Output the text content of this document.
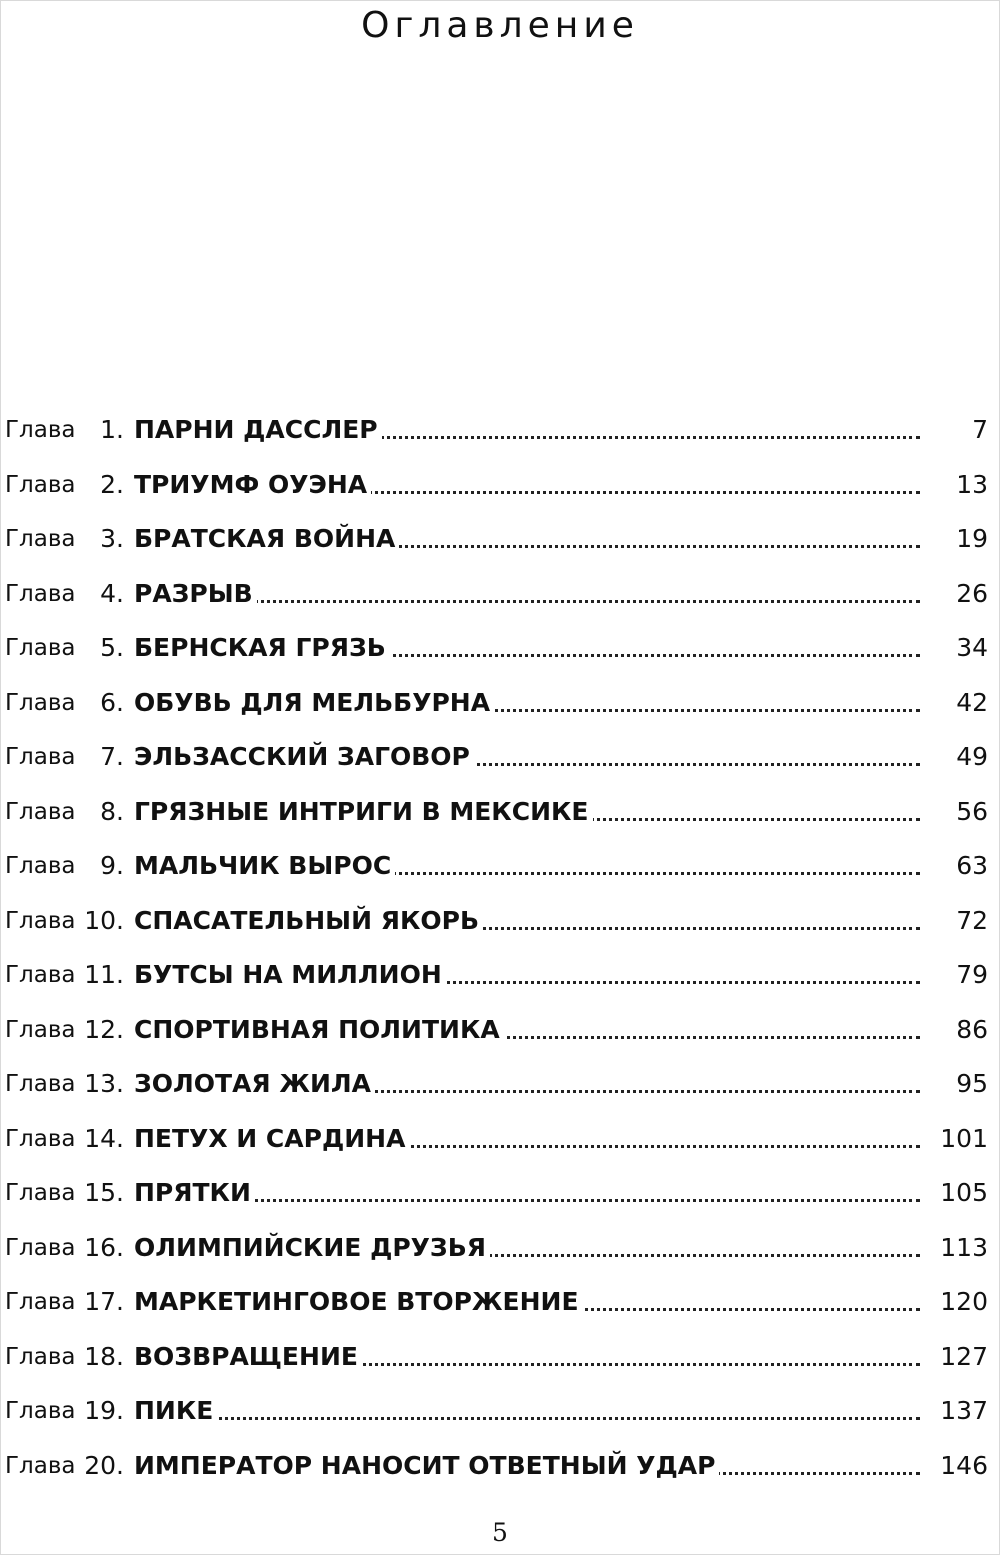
Оглавление
Глава 1. ПАРНИ ДАССЛЕР	7
Глава 2. ТРИУМФ ОУЭНА	13
Глава 3. БРАТСКАЯ ВОЙНА	19
Глава 4. РАЗРЫВ	26
Глава 5. БЕРНСКАЯ ГРЯЗЬ	34
Глава 6. ОБУВЬ ДЛЯ МЕЛЬБУРНА	42
Глава 7. ЭЛЬЗАССКИЙ ЗАГОВОР	49
Глава 8. ГРЯЗНЫЕ ИНТРИГИ В МЕКСИКЕ	56
Глава 9. МАЛЬЧИК ВЫРОС	63
Глава 10. СПАСАТЕЛЬНЫЙ ЯКОРЬ	72
Глава 11. БУТСЫ НА МИЛЛИОН	79
Глава 12. СПОРТИВНАЯ ПОЛИТИКА	86
Глава 13. ЗОЛОТАЯ ЖИЛА	95
Глава 14. ПЕТУХ И САРДИНА	101
Глава 15. ПРЯТКИ	105
Глава 16. ОЛИМПИЙСКИЕ ДРУЗЬЯ	113
Глава 17. МАРКЕТИНГОВОЕ ВТОРЖЕНИЕ	120
Глава 18. ВОЗВРАЩЕНИЕ	127
Глава 19. ПИКЕ	137
Глава 20. ИМПЕРАТОР НАНОСИТ ОТВЕТНЫЙ УДАР	146
5
